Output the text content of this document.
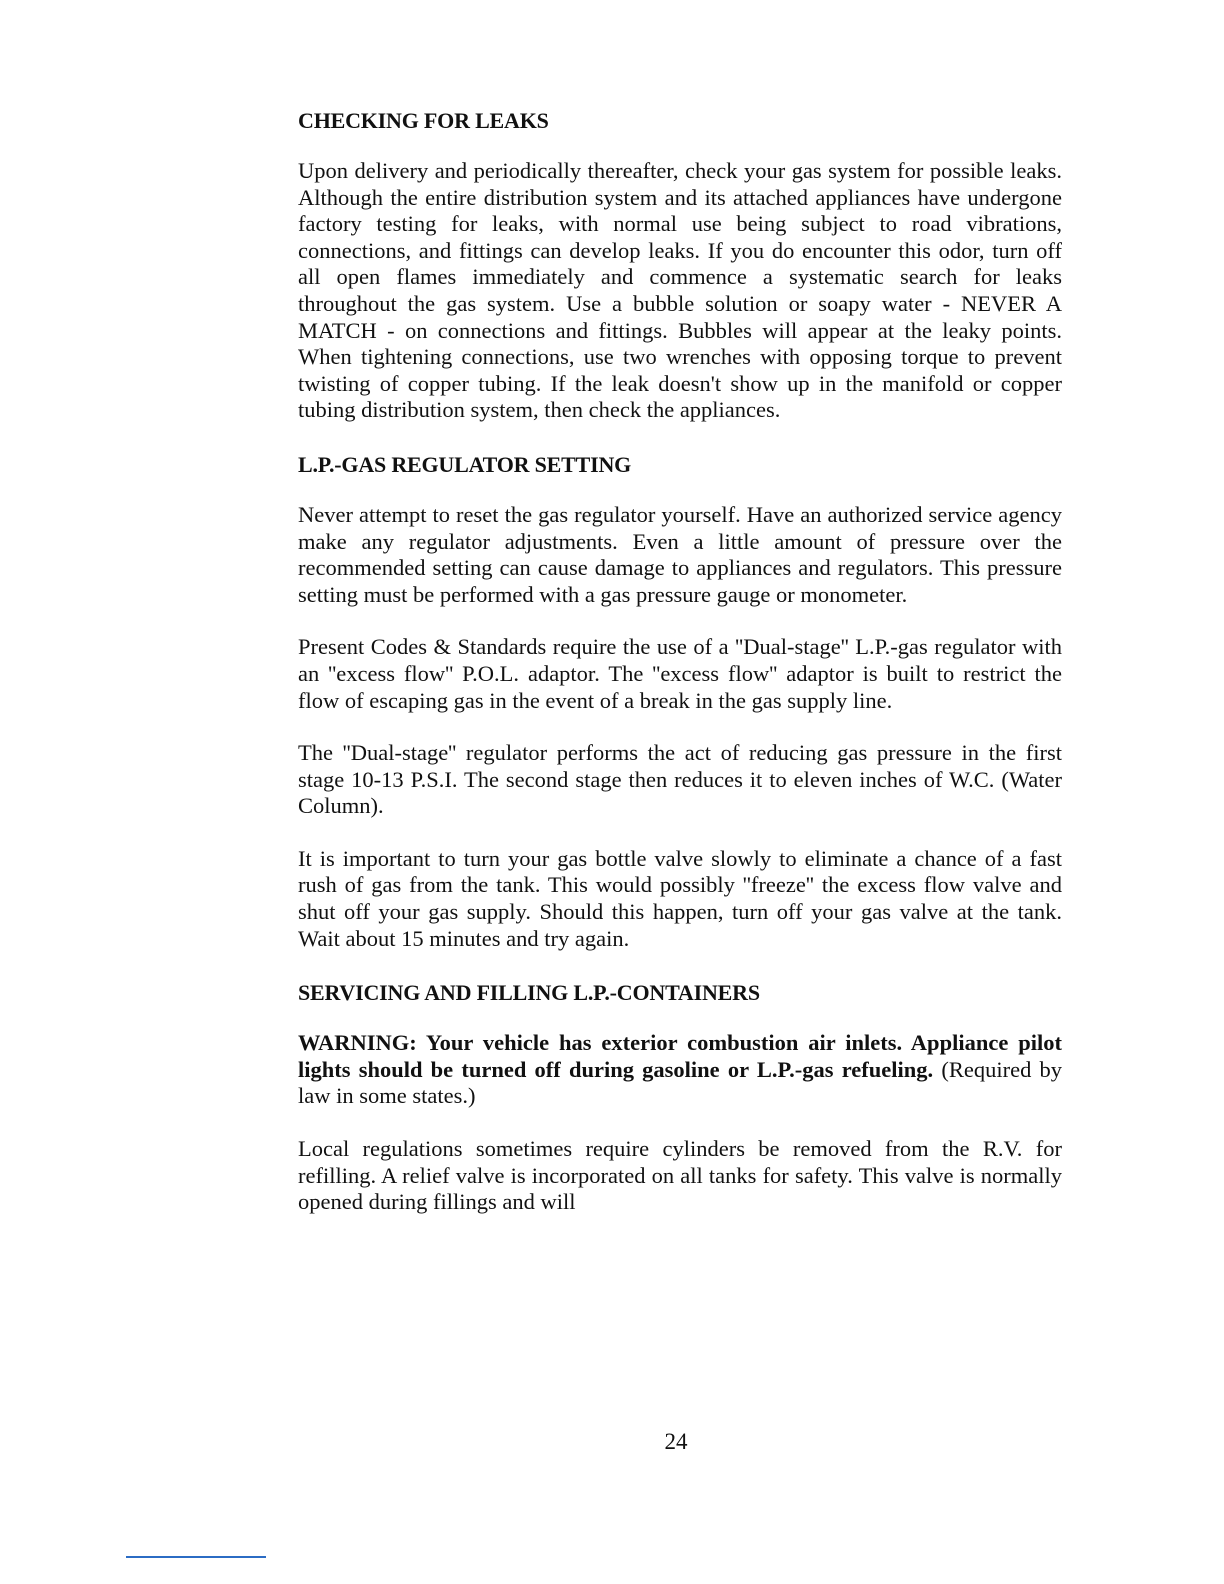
CHECKING FOR LEAKS
Upon delivery and periodically thereafter, check your gas system for possible leaks. Although the entire distribution system and its attached appliances have undergone factory testing for leaks, with normal use being subject to road vibrations, connections, and fittings can develop leaks. If you do encounter this odor, turn off all open flames immediately and commence a systematic search for leaks throughout the gas system. Use a bubble solution or soapy water - NEVER A MATCH - on connections and fittings. Bubbles will appear at the leaky points. When tightening connections, use two wrenches with opposing torque to prevent twisting of copper tubing. If the leak doesn't show up in the manifold or copper tubing distribution system, then check the appliances.
L.P.-GAS REGULATOR SETTING
Never attempt to reset the gas regulator yourself. Have an authorized service agency make any regulator adjustments. Even a little amount of pressure over the recommended setting can cause damage to appliances and regulators. This pressure setting must be performed with a gas pressure gauge or monometer.
Present Codes & Standards require the use of a ''Dual-stage'' L.P.-gas regulator with an ''excess flow'' P.O.L. adaptor. The ''excess flow'' adaptor is built to restrict the flow of escaping gas in the event of a break in the gas supply line.
The ''Dual-stage'' regulator performs the act of reducing gas pressure in the first stage 10-13 P.S.I. The second stage then reduces it to eleven inches of W.C. (Water Column).
It is important to turn your gas bottle valve slowly to eliminate a chance of a fast rush of gas from the tank. This would possibly ''freeze'' the excess flow valve and shut off your gas supply. Should this happen, turn off your gas valve at the tank. Wait about 15 minutes and try again.
SERVICING AND FILLING L.P.-CONTAINERS
WARNING: Your vehicle has exterior combustion air inlets. Appliance pilot lights should be turned off during gasoline or L.P.-gas refueling. (Required by law in some states.)
Local regulations sometimes require cylinders be removed from the R.V. for refilling. A relief valve is incorporated on all tanks for safety. This valve is normally opened during fillings and will
24
